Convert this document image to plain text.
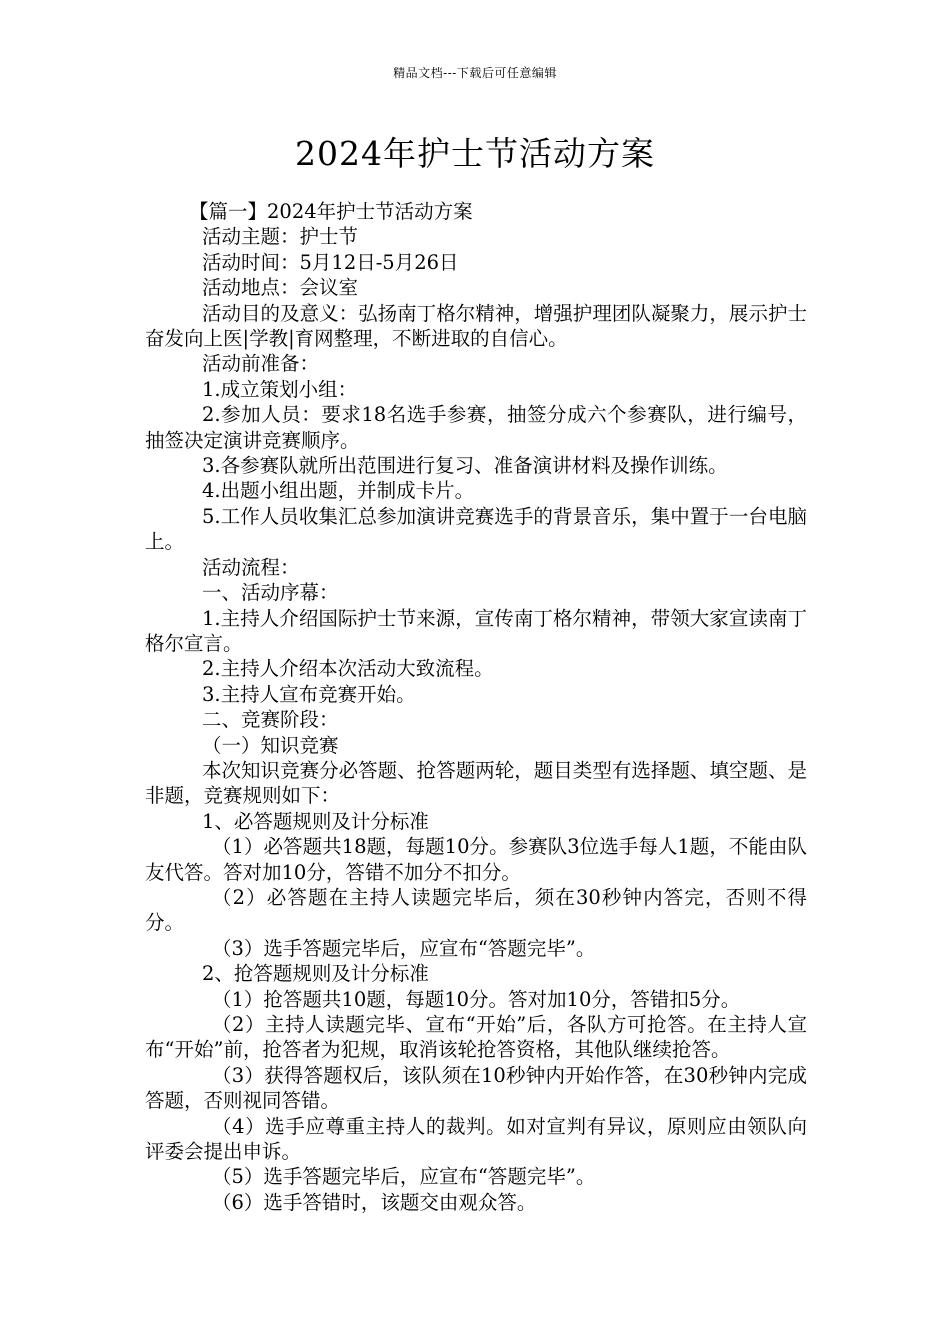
精品文档---下载后可任意编辑
2024年护士节活动方案

【篇一】2024年护士节活动方案

活动主题：护士节

活动时间：5月12日-5月26日

活动地点：会议室

活动目的及意义：弘扬南丁格尔精神，增强护理团队凝聚力，展示护士奋发向上医|学教|育网整理，不断进取的自信心。

活动前准备：

1.成立策划小组：

2.参加人员：要求18名选手参赛，抽签分成六个参赛队，进行编号，抽签决定演讲竞赛顺序。

3.各参赛队就所出范围进行复习、准备演讲材料及操作训练。

4.出题小组出题，并制成卡片。

5.工作人员收集汇总参加演讲竞赛选手的背景音乐，集中置于一台电脑上。

活动流程：

一、活动序幕：

1.主持人介绍国际护士节来源，宣传南丁格尔精神，带领大家宣读南丁格尔宣言。

2.主持人介绍本次活动大致流程。

3.主持人宣布竞赛开始。

二、竞赛阶段：

（一）知识竞赛

本次知识竞赛分必答题、抢答题两轮，题目类型有选择题、填空题、是非题，竞赛规则如下：

1、必答题规则及计分标准

（1）必答题共18题，每题10分。参赛队3位选手每人1题，不能由队友代答。答对加10分，答错不加分不扣分。

（2）必答题在主持人读题完毕后，须在30秒钟内答完，否则不得分。

（3）选手答题完毕后，应宣布“答题完毕”。

2、抢答题规则及计分标准

（1）抢答题共10题，每题10分。答对加10分，答错扣5分。

（2）主持人读题完毕、宣布“开始”后，各队方可抢答。在主持人宣布“开始”前，抢答者为犯规，取消该轮抢答资格，其他队继续抢答。

（3）获得答题权后，该队须在10秒钟内开始作答，在30秒钟内完成答题，否则视同答错。

（4）选手应尊重主持人的裁判。如对宣判有异议，原则应由领队向评委会提出申诉。

（5）选手答题完毕后，应宣布“答题完毕”。

（6）选手答错时，该题交由观众答。
